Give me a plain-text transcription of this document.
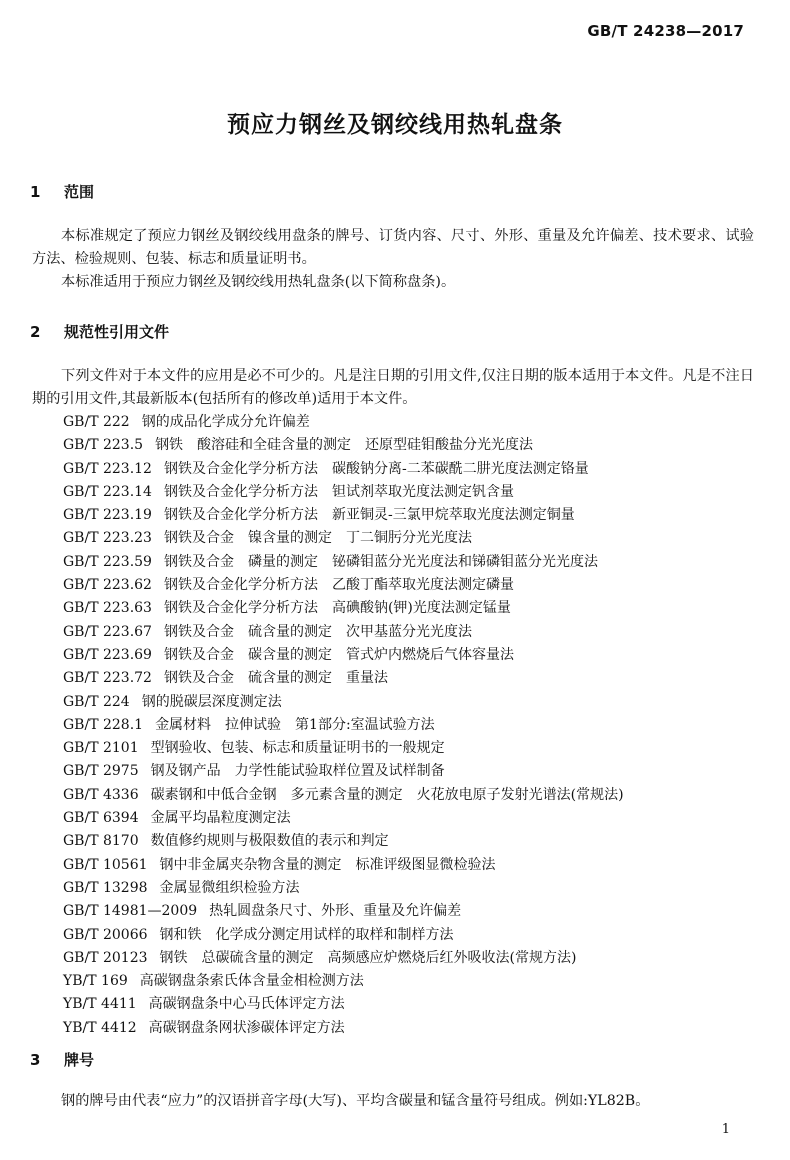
GB/T 24238—2017
预应力钢丝及钢绞线用热轧盘条
1 范围
本标准规定了预应力钢丝及钢绞线用盘条的牌号、订货内容、尺寸、外形、重量及允许偏差、技术要求、试验方法、检验规则、包装、标志和质量证明书。
本标准适用于预应力钢丝及钢绞线用热轧盘条(以下简称盘条)。
2 规范性引用文件
下列文件对于本文件的应用是必不可少的。凡是注日期的引用文件,仅注日期的版本适用于本文件。凡是不注日期的引用文件,其最新版本(包括所有的修改单)适用于本文件。
GB/T 222 钢的成品化学成分允许偏差
GB/T 223.5 钢铁　酸溶硅和全硅含量的测定　还原型硅钼酸盐分光光度法
GB/T 223.12 钢铁及合金化学分析方法　碳酸钠分离-二苯碳酰二肼光度法测定铬量
GB/T 223.14 钢铁及合金化学分析方法　钽试剂萃取光度法测定钒含量
GB/T 223.19 钢铁及合金化学分析方法　新亚铜灵-三氯甲烷萃取光度法测定铜量
GB/T 223.23 钢铁及合金　镍含量的测定　丁二铜肟分光光度法
GB/T 223.59 钢铁及合金　磷量的测定　铋磷钼蓝分光光度法和锑磷钼蓝分光光度法
GB/T 223.62 钢铁及合金化学分析方法　乙酸丁酯萃取光度法测定磷量
GB/T 223.63 钢铁及合金化学分析方法　高碘酸钠(钾)光度法测定锰量
GB/T 223.67 钢铁及合金　硫含量的测定　次甲基蓝分光光度法
GB/T 223.69 钢铁及合金　碳含量的测定　管式炉内燃烧后气体容量法
GB/T 223.72 钢铁及合金　硫含量的测定　重量法
GB/T 224 钢的脱碳层深度测定法
GB/T 228.1 金属材料　拉伸试验　第1部分:室温试验方法
GB/T 2101 型钢验收、包装、标志和质量证明书的一般规定
GB/T 2975 钢及钢产品　力学性能试验取样位置及试样制备
GB/T 4336 碳素钢和中低合金钢　多元素含量的测定　火花放电原子发射光谱法(常规法)
GB/T 6394 金属平均晶粒度测定法
GB/T 8170 数值修约规则与极限数值的表示和判定
GB/T 10561 钢中非金属夹杂物含量的测定　标准评级图显微检验法
GB/T 13298 金属显微组织检验方法
GB/T 14981—2009 热轧圆盘条尺寸、外形、重量及允许偏差
GB/T 20066 钢和铁　化学成分测定用试样的取样和制样方法
GB/T 20123 钢铁　总碳硫含量的测定　高频感应炉燃烧后红外吸收法(常规方法)
YB/T 169 高碳钢盘条索氏体含量金相检测方法
YB/T 4411 高碳钢盘条中心马氏体评定方法
YB/T 4412 高碳钢盘条网状渗碳体评定方法
3 牌号
钢的牌号由代表“应力”的汉语拼音字母(大写)、平均含碳量和锰含量符号组成。例如:YL82B。
1
